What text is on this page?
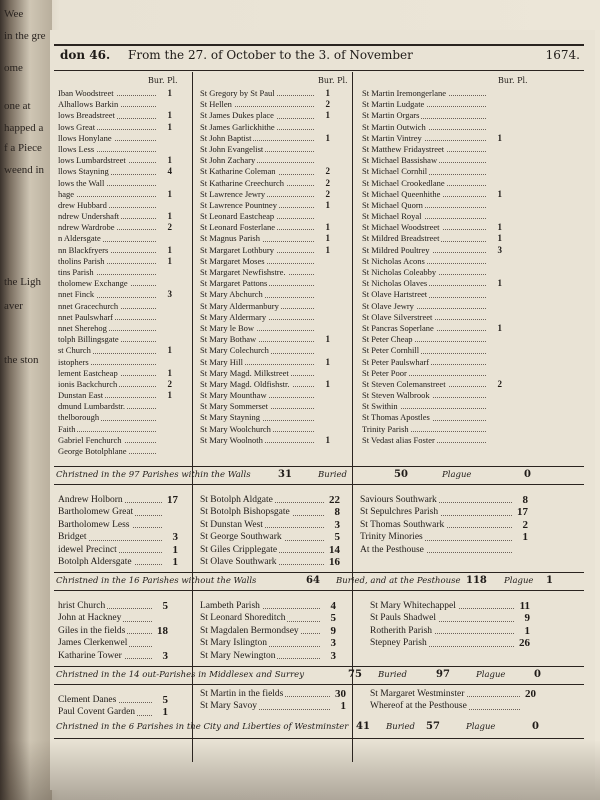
Wee
in the gre
ome
one at
happed a
f a Piece
weend in
the Ligh
aver
the ston
don 46. From the 27. of October to the 3. of November	1674.
Bur. Pl.	Bur. Pl.	Bur. Pl.
Iban Woodstreet	1
Alhallows Barkin
lows Breadstreet	1
lows Great	1
llows Honylane
llows Less
lows Lumbardstreet	1
llows Stayning	4
lows the Wall
hage	1
drew Hubbard
ndrew Undershaft	1
ndrew Wardrobe	2
n Aldersgate
nn Blackfryers	1
tholins Parish	1
tins Parish
tholomew Exchange
nnet Finck	3
nnet Gracechurch
nnet Paulswharf
nnet Sherehog
tolph Billingsgate
st Church	1
istophers
lement Eastcheap	1
ionis Backchurch	2
Dunstan East	1
dmund Lumbardstr.
thelborough
Faith
Gabriel Fenchurch
George Botolphlane
St Gregory by St Paul	1
St Hellen	2
St James Dukes place	1
St James Garlickhithe
St John Baptist	1
St John Evangelist
St John Zachary
St Katharine Coleman	2
St Katharine Creechurch	2
St Lawrence Jewry	2
St Lawrence Pountney	1
St Leonard Eastcheap
St Leonard Fosterlane	1
St Magnus Parish	1
St Margaret Lothbury	1
St Margaret Moses
St Margaret Newfishstre.
St Margaret Pattons
St Mary Abchurch
St Mary Aldermanbury
St Mary Aldermary
St Mary le Bow
St Mary Bothaw	1
St Mary Colechurch
St Mary Hill	1
St Mary Magd. Milkstreet
St Mary Magd. Oldfishstr.	1
St Mary Mounthaw
St Mary Sommerset
St Mary Stayning
St Mary Woolchurch
St Mary Woolnoth	1
St Martin Iremongerlane
St Martin Ludgate
St Martin Orgars
St Martin Outwich
St Martin Vintrey	1
St Matthew Fridaystreet
St Michael Bassishaw
St Michael Cornhil
St Michael Crookedlane
St Michael Queenhithe	1
St Michael Quorn
St Michael Royal
St Michael Woodstreet	1
St Mildred Breadstreet	1
St Mildred Poultrey	3
St Nicholas Acons
St Nicholas Coleabby
St Nicholas Olaves	1
St Olave Hartstreet
St Olave Jewry
St Olave Silverstreet
St Pancras Soperlane	1
St Peter Cheap
St Peter Cornhill
St Peter Paulswharf
St Peter Poor
St Steven Colemanstreet	2
St Steven Walbrook
St Swithin
St Thomas Apostles
Trinity Parish
St Vedast alias Foster
Christned in the 97 Parishes within the Walls	31	Buried	50	Plague	0
Andrew Holborn	17
Bartholomew Great
Bartholomew Less
Bridget	3
idewel Precinct	1
Botolph Aldersgate	1
St Botolph Aldgate	22
St Botolph Bishopsgate	8
St Dunstan West	3
St George Southwark	5
St Giles Cripplegate	14
St Olave Southwark	16
Saviours Southwark	8
St Sepulchres Parish	17
St Thomas Southwark	2
Trinity Minories	1
At the Pesthouse
Christned in the 16 Parishes without the Walls	64 Buried, and at the Pesthouse 118 Plague 1
hrist Church	5
John at Hackney
Giles in the fields	18
James Clerkenwel
Katharine Tower	3
Lambeth Parish	4
St Leonard Shoreditch	5
St Magdalen Bermondsey	9
St Mary Islington	3
St Mary Newington	3
St Mary Whitechappel	11
St Pauls Shadwel	9
Rotherith Parish	1
Stepney Parish	26
Christned in the 14 out-Parishes in Middlesex and Surrey	75 Buried	97	Plague	0
Clement Danes	5
Paul Covent Garden 1
St Martin in the fields	30
St Mary Savoy	1
St Margaret Westminster	20
Whereof at the Pesthouse
Christned in the 6 Parishes in the City and Liberties of Westminster 41 Buried 57	Plague	0
